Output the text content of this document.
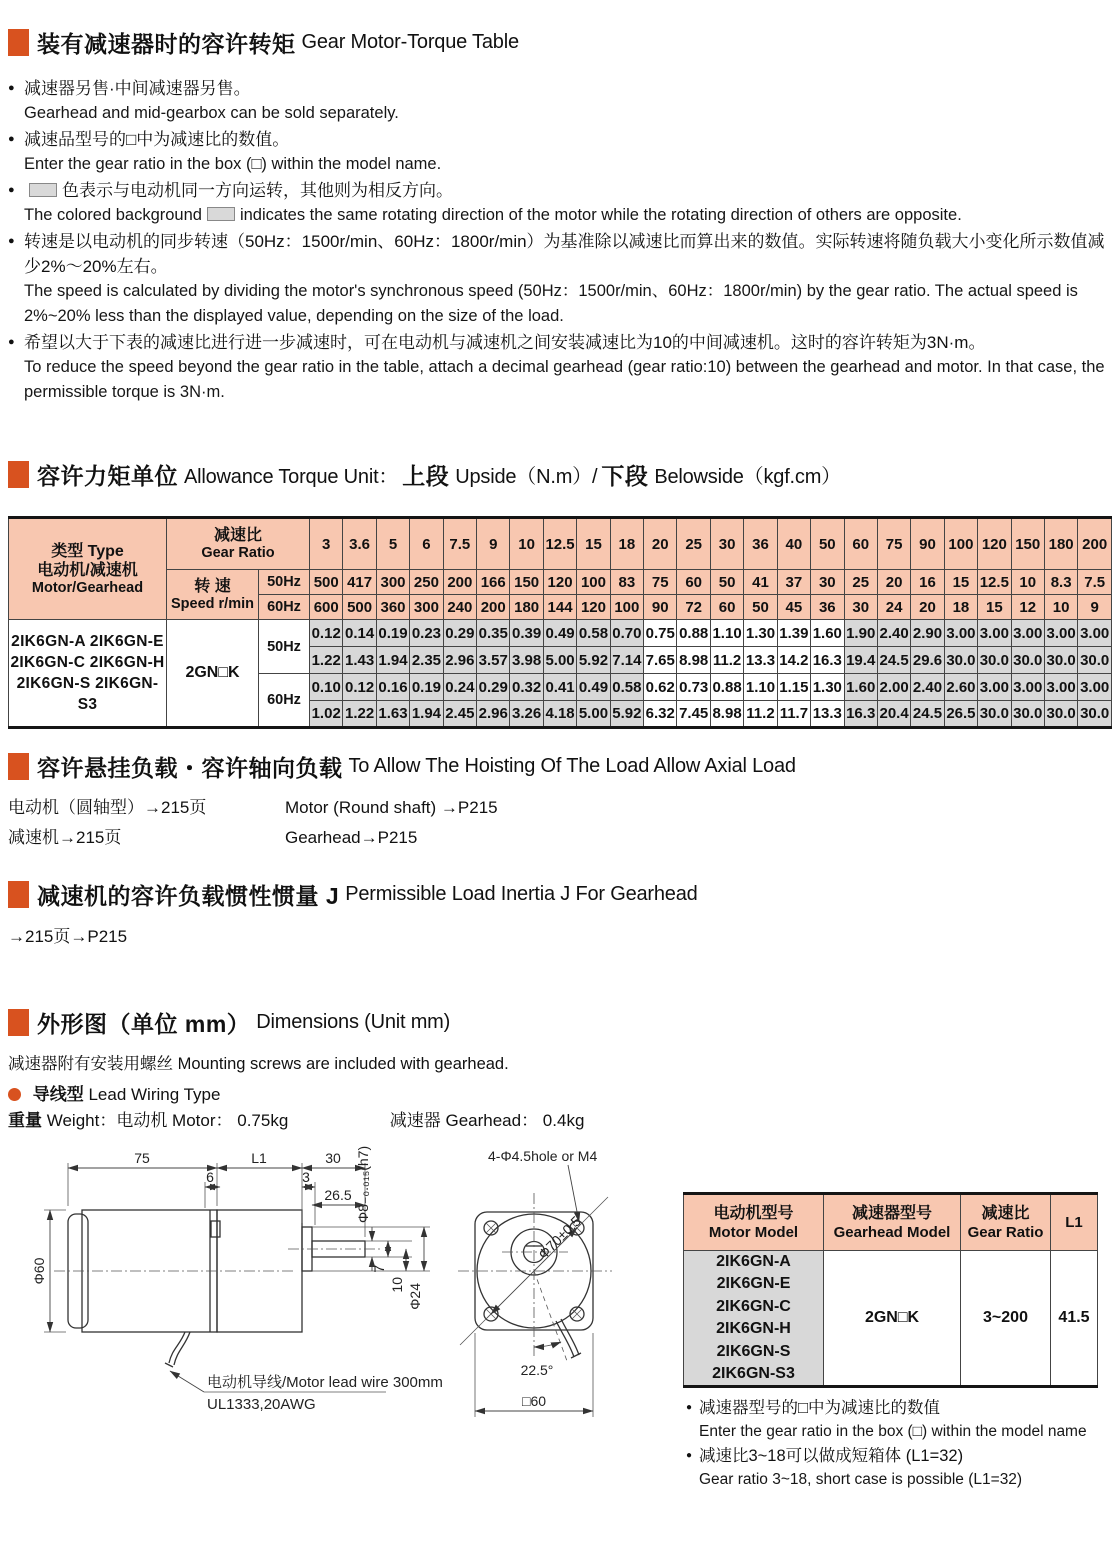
装有减速器时的容许转矩 Gear Motor-Torque Table
● 减速器另售·中间减速器另售。
Gearhead and mid-gearbox can be sold separately.
● 减速品型号的□中为减速比的数值。
Enter the gear ratio in the box (□) within the model name.
●	色表示与电动机同一方向运转，其他则为相反方向。
The colored background indicates the same rotating direction of the motor while the rotating direction of others are opposite.
● 转速是以电动机的同步转速（50Hz：1500r/min、60Hz：1800r/min）为基准除以减速比而算出来的数值。实际转速将随负载大小变化所示数值减少2%～20%左右。
The speed is calculated by dividing the motor's synchronous speed (50Hz：1500r/min、60Hz：1800r/min) by the gear ratio. The actual speed is 2%~20% less than the displayed value, depending on the size of the load.
● 希望以大于下表的减速比进行进一步减速时，可在电动机与减速机之间安装减速比为10的中间减速机。这时的容许转矩为3N·m。
To reduce the speed beyond the gear ratio in the table, attach a decimal gearhead (gear ratio:10) between the gearhead and motor. In that case, the permissible torque is 3N·m.
容许力矩单位 Allowance Torque Unit： 上段 Upside（N.m）/ 下段 Belowside（kgf.cm）
类型 Type
电动机/减速机
Motor/Gearhead

减速比
Gear Ratio
	3	3.6	5	6	7.5	9	10	12.5	15	18	20	25	30	36	40	50	60	75	90	100	120	150	180	200

	转 速
Speed r/min	50Hz	500	417	300	250	200	166	150	120	100	83	75	60	50	41	37	30	25	20	16	15	12.5	10	8.3	7.5
		60Hz	600	500	360	300	240	200	180	144	120	100	90	72	60	50	45	36	30	24	20	18	15	12	10	9

2IK6GN-A 2IK6GN-E
2IK6GN-C 2IK6GN-H
2IK6GN-S 2IK6GN-S3	2GN□K	50Hz	0.12	0.14	0.19	0.23	0.29	0.35	0.39	0.49	0.58	0.70	0.75	0.88	1.10	1.30	1.39	1.60	1.90	2.40	2.90	3.00	3.00	3.00	3.00	3.00
			1.22	1.43	1.94	2.35	2.96	3.57	3.98	5.00	5.92	7.14	7.65	8.98	11.2	13.3	14.2	16.3	19.4	24.5	29.6	30.0	30.0	30.0	30.0	30.0
		60Hz	0.10	0.12	0.16	0.19	0.24	0.29	0.32	0.41	0.49	0.58	0.62	0.73	0.88	1.10	1.15	1.30	1.60	2.00	2.40	2.60	3.00	3.00	3.00	3.00
			1.02	1.22	1.63	1.94	2.45	2.96	3.26	4.18	5.00	5.92	6.32	7.45	8.98	11.2	11.7	13.3	16.3	20.4	24.5	26.5	30.0	30.0	30.0	30.0
容许悬挂负载・容许轴向负载 To Allow The Hoisting Of The Load Allow Axial Load
电动机（圆轴型）→215页	Motor (Round shaft) →P215
减速机→215页	Gearhead→P215
减速机的容许负载惯性惯量 J Permissible Load Inertia J For Gearhead
→215页→P215
外形图（单位 mm） Dimensions (Unit mm)
减速器附有安装用螺丝 Mounting screws are included with gearhead.
导线型 Lead Wiring Type
重量 Weight：电动机 Motor： 0.75kg	减速器 Gearhead： 0.4kg
75	L1	30
6	3
26.5
Φ60
Φ8₋₀.₀₁₅(h7)
7
10 Φ24
电动机导线/Motor lead wire 300mm
UL1333,20AWG
Φ70±0.5
4-Φ4.5hole or M4
22.5°
□60
电动机型号
Motor Model

减速器型号
Gearhead Model

减速比
Gear Ratio

L1

2IK6GN-A
2IK6GN-E
2IK6GN-C
2IK6GN-H
2IK6GN-S
2IK6GN-S3
	2GN□K	3~200	41.5
● 减速器型号的□中为减速比的数值
Enter the gear ratio in the box (□) within the model name
● 减速比3~18可以做成短箱体 (L1=32)
Gear ratio 3~18, short case is possible (L1=32)
